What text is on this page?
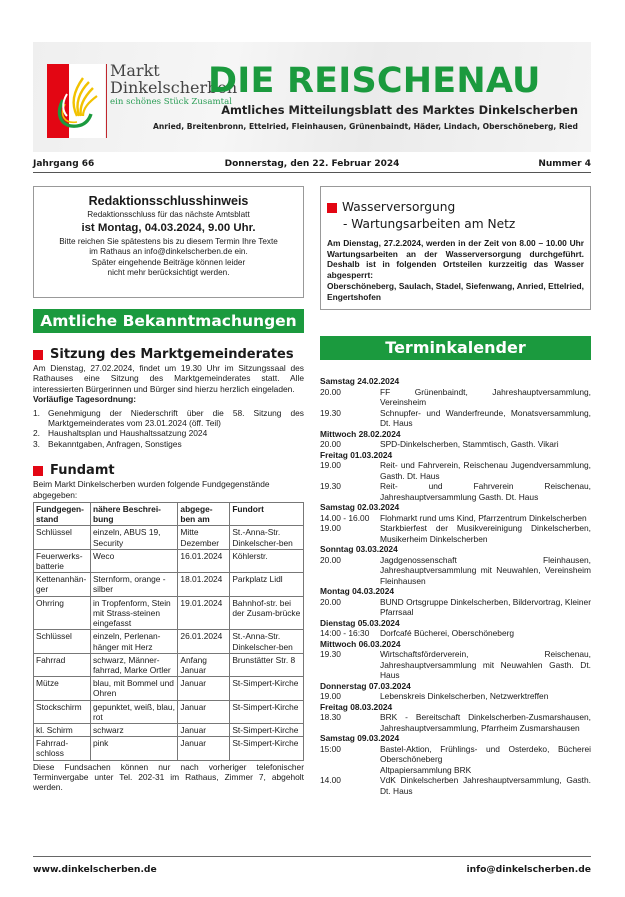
Markt
Dinkelscherben
ein schönes Stück Zusamtal
DIE REISCHENAU
Amtliches Mitteilungsblatt des Marktes Dinkelscherben
Anried, Breitenbronn, Ettelried, Fleinhausen, Grünenbaindt, Häder, Lindach, Oberschöneberg, Ried
Jahrgang 66	Donnerstag, den 22. Februar 2024	Nummer 4
Redaktionsschlusshinweis
Redaktionsschluss für das nächste Amtsblatt
ist Montag, 04.03.2024, 9.00 Uhr.
Bitte reichen Sie spätestens bis zu diesem Termin Ihre Texte
im Rathaus an info@dinkelscherben.de ein.
Später eingehende Beiträge können leider
nicht mehr berücksichtigt werden.
Amtliche Bekanntmachungen
Sitzung des Marktgemeinderates
Am Dienstag, 27.02.2024, findet um 19.30 Uhr im Sitzungssaal des Rathauses eine Sitzung des Marktgemeinderates statt. Alle interessierten Bürgerinnen und Bürger sind hierzu herzlich eingeladen.
Vorläufige Tagesordnung:
1. Genehmigung der Niederschrift über die 58. Sitzung des Marktgemeinderates vom 23.01.2024 (öff. Teil)
2. Haushaltsplan und Haushaltssatzung 2024
3. Bekanntgaben, Anfragen, Sonstiges
Fundamt
Beim Markt Dinkelscherben wurden folgende Fundgegenstände abgegeben:
Fundgegen-stand	nähere Beschrei-bung	abgege-ben am	Fundort
Schlüssel	einzeln, ABUS 19, Security	Mitte Dezember	St.-Anna-Str. Dinkelscher-ben
Feuerwerks-batterie	Weco	16.01.2024	Köhlerstr.
Kettenanhän-ger	Sternform, orange - silber	18.01.2024	Parkplatz Lidl
Ohrring	in Tropfenform, Stein mit Strass-steinen eingefasst	19.01.2024	Bahnhof-str. bei der Zusam-brücke
Schlüssel	einzeln, Perlenan-hänger mit Herz	26.01.2024	St.-Anna-Str. Dinkelscher-ben
Fahrrad	schwarz, Männer-fahrrad, Marke Ortler	Anfang Januar	Brunstätter Str. 8
Mütze	blau, mit Bommel und Ohren	Januar	St-Simpert-Kirche
Stockschirm	gepunktet, weiß, blau, rot	Januar	St-Simpert-Kirche
kl. Schirm	schwarz	Januar	St-Simpert-Kirche
Fahrrad-schloss	pink	Januar	St-Simpert-Kirche
Diese Fundsachen können nur nach vorheriger telefonischer Terminvergabe unter Tel. 202-31 im Rathaus, Zimmer 7, abgeholt werden.
Wasserversorgung
- Wartungsarbeiten am Netz
Am Dienstag, 27.2.2024, werden in der Zeit von 8.00 – 10.00 Uhr Wartungsarbeiten an der Wasserversorgung durchgeführt. Deshalb ist in folgenden Ortsteilen kurzzeitig das Wasser abgesperrt:
Oberschöneberg, Saulach, Stadel, Siefenwang, Anried, Ettelried, Engertshofen
Terminkalender
Samstag 24.02.2024
20.00	FF Grünenbaindt, Jahreshauptversammlung, Vereinsheim
19.30	Schnupfer- und Wanderfreunde, Monatsversammlung, Dt. Haus
Mittwoch 28.02.2024
20.00	SPD-Dinkelscherben, Stammtisch, Gasth. Vikari
Freitag 01.03.2024
19.00	Reit- und Fahrverein, Reischenau Jugendversammlung, Gasth. Dt. Haus
19.30	Reit- und Fahrverein Reischenau, Jahreshauptversammlung Gasth. Dt. Haus
Samstag 02.03.2024
14.00 - 16.00	Flohmarkt rund ums Kind, Pfarrzentrum Dinkelscherben
19.00	Starkbierfest der Musikvereinigung Dinkelscherben, Musikerheim Dinkelscherben
Sonntag 03.03.2024
20.00	Jagdgenossenschaft Fleinhausen, Jahreshauptversammlung mit Neuwahlen, Vereinsheim Fleinhausen
Montag 04.03.2024
20.00	BUND Ortsgruppe Dinkelscherben, Bildervortrag, Kleiner Pfarrsaal
Dienstag 05.03.2024
14:00 - 16:30	Dorfcafé Bücherei, Oberschöneberg
Mittwoch 06.03.2024
19.30	Wirtschaftsförderverein, Reischenau, Jahreshauptversammlung mit Neuwahlen Gasth. Dt. Haus
Donnerstag 07.03.2024
19.00	Lebenskreis Dinkelscherben, Netzwerktreffen
Freitag 08.03.2024
18.30	BRK - Bereitschaft Dinkelscherben-Zusmarshausen, Jahreshauptversammlung, Pfarrheim Zusmarshausen
Samstag 09.03.2024
15:00	Bastel-Aktion, Frühlings- und Osterdeko, Bücherei Oberschöneberg
Altpapiersammlung BRK
14.00	VdK Dinkelscherben Jahreshauptversammlung, Gasth. Dt. Haus
www.dinkelscherben.de	info@dinkelscherben.de
